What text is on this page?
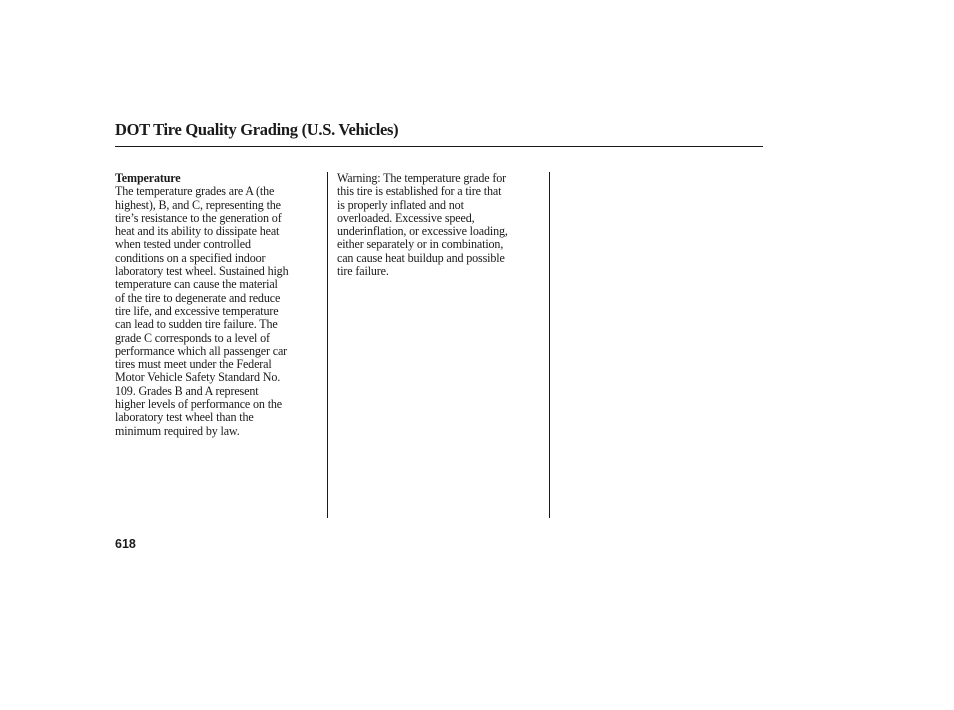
DOT Tire Quality Grading (U.S. Vehicles)
Temperature
The temperature grades are A (the
highest), B, and C, representing the
tire’s resistance to the generation of
heat and its ability to dissipate heat
when tested under controlled
conditions on a specified indoor
laboratory test wheel. Sustained high
temperature can cause the material
of the tire to degenerate and reduce
tire life, and excessive temperature
can lead to sudden tire failure. The
grade C corresponds to a level of
performance which all passenger car
tires must meet under the Federal
Motor Vehicle Safety Standard No.
109. Grades B and A represent
higher levels of performance on the
laboratory test wheel than the
minimum required by law.
Warning: The temperature grade for
this tire is established for a tire that
is properly inflated and not
overloaded. Excessive speed,
underinflation, or excessive loading,
either separately or in combination,
can cause heat buildup and possible
tire failure.
618
